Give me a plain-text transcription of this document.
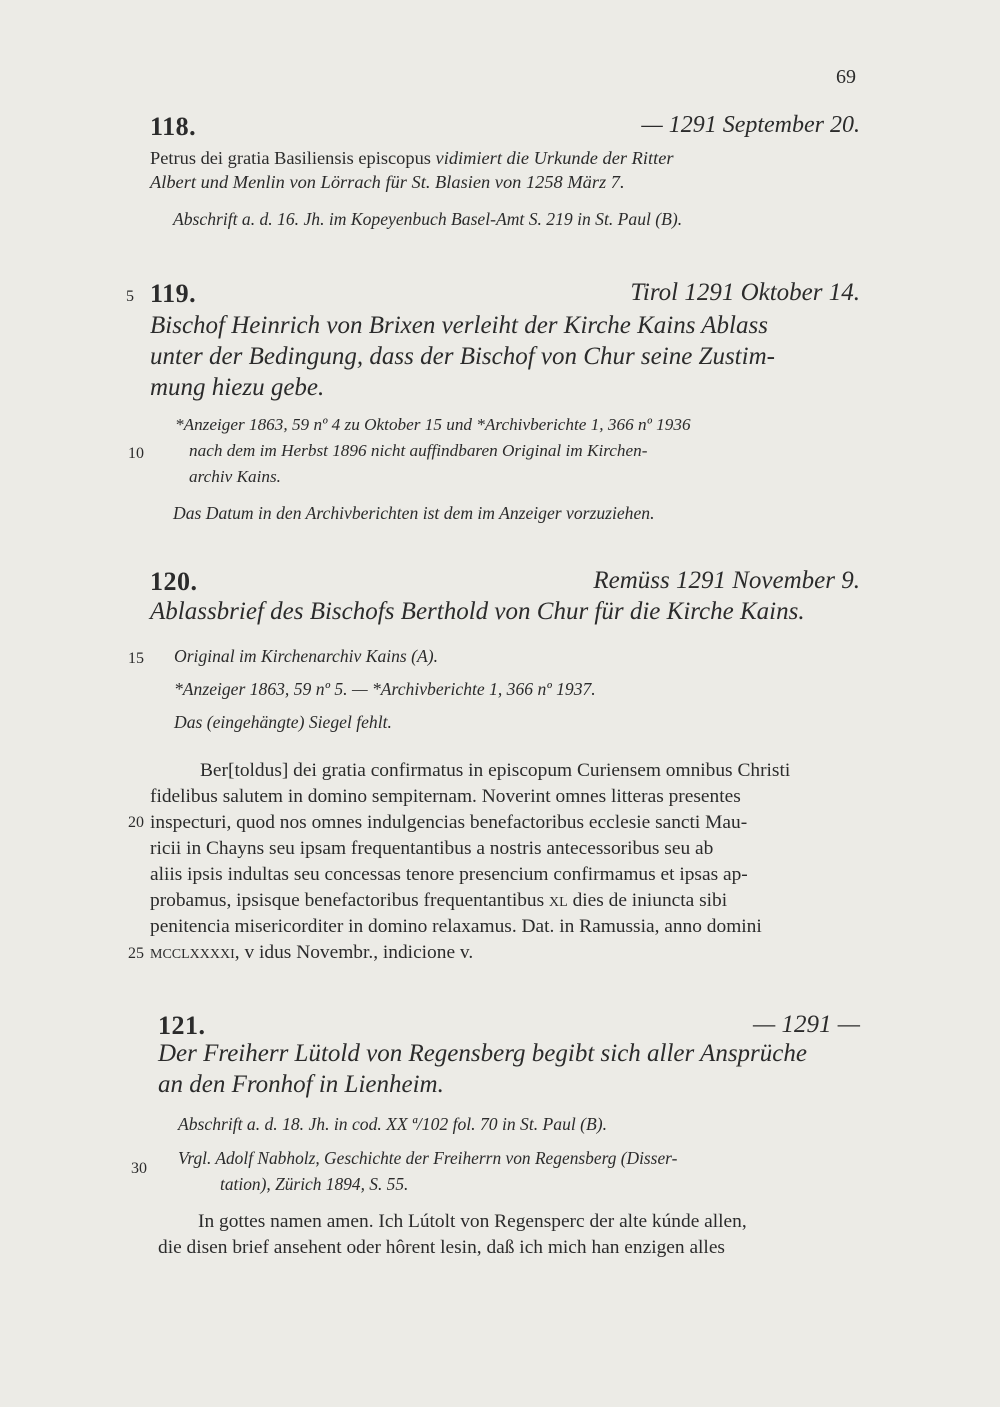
69
118.	— 1291 September 20.
Petrus dei gratia Basiliensis episcopus vidimiert die Urkunde der Ritter
Albert und Menlin von Lörrach für St. Blasien von 1258 März 7.
Abschrift a. d. 16. Jh. im Kopeyenbuch Basel-Amt S. 219 in St. Paul (B).
5 119.	Tirol 1291 Oktober 14.
Bischof Heinrich von Brixen verleiht der Kirche Kains Ablass
unter der Bedingung, dass der Bischof von Chur seine Zustim-
mung hiezu gebe.
*Anzeiger 1863, 59 nº 4 zu Oktober 15 und *Archivberichte 1, 366 nº 1936
nach dem im Herbst 1896 nicht auffindbaren Original im Kirchen-
archiv Kains.
10
Das Datum in den Archivberichten ist dem im Anzeiger vorzuziehen.
120.	Remüss 1291 November 9.
Ablassbrief des Bischofs Berthold von Chur für die Kirche Kains.
15 Original im Kirchenarchiv Kains (A).
*Anzeiger 1863, 59 nº 5. — *Archivberichte 1, 366 nº 1937.
Das (eingehängte) Siegel fehlt.
Ber[toldus] dei gratia confirmatus in episcopum Curiensem omnibus Christi
fidelibus salutem in domino sempiternam. Noverint omnes litteras presentes
inspecturi, quod nos omnes indulgencias benefactoribus ecclesie sancti Mau-
ricii in Chayns seu ipsam frequentantibus a nostris antecessoribus seu ab
aliis ipsis indultas seu concessas tenore presencium confirmamus et ipsas ap-
probamus, ipsisque benefactoribus frequentantibus xl dies de iniuncta sibi
penitencia misericorditer in domino relaxamus. Dat. in Ramussia, anno domini
mcclxxxxi, v idus Novembr., indicione v.
20
25
121.	— 1291 —
Der Freiherr Lütold von Regensberg begibt sich aller Ansprüche
an den Fronhof in Lienheim.
Abschrift a. d. 18. Jh. in cod. XX ª/102 fol. 70 in St. Paul (B).
30
Vrgl. Adolf Nabholz, Geschichte der Freiherrn von Regensberg (Disser-
tation), Zürich 1894, S. 55.
In gottes namen amen. Ich Lútolt von Regensperc der alte kúnde allen,
die disen brief ansehent oder hôrent lesin, daß ich mich han enzigen alles
